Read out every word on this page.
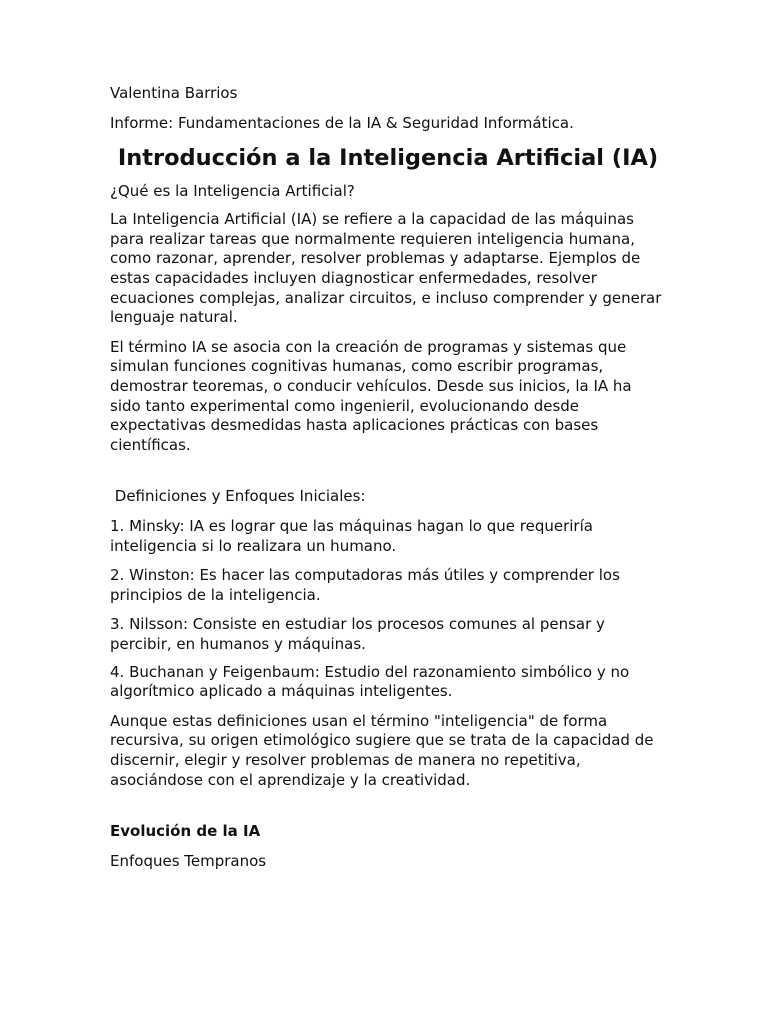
Valentina Barrios

Informe: Fundamentaciones de la IA & Seguridad Informática.

Introducción a la Inteligencia Artificial (IA)

¿Qué es la Inteligencia Artificial?

La Inteligencia Artificial (IA) se refiere a la capacidad de las máquinas para realizar tareas que normalmente requieren inteligencia humana, como razonar, aprender, resolver problemas y adaptarse. Ejemplos de estas capacidades incluyen diagnosticar enfermedades, resolver ecuaciones complejas, analizar circuitos, e incluso comprender y generar lenguaje natural.

El término IA se asocia con la creación de programas y sistemas que simulan funciones cognitivas humanas, como escribir programas, demostrar teoremas, o conducir vehículos. Desde sus inicios, la IA ha sido tanto experimental como ingenieril, evolucionando desde expectativas desmedidas hasta aplicaciones prácticas con bases científicas.

Definiciones y Enfoques Iniciales:

1. Minsky: IA es lograr que las máquinas hagan lo que requeriría inteligencia si lo realizara un humano.

2. Winston: Es hacer las computadoras más útiles y comprender los principios de la inteligencia.

3. Nilsson: Consiste en estudiar los procesos comunes al pensar y percibir, en humanos y máquinas.

4. Buchanan y Feigenbaum: Estudio del razonamiento simbólico y no algorítmico aplicado a máquinas inteligentes.

Aunque estas definiciones usan el término "inteligencia" de forma recursiva, su origen etimológico sugiere que se trata de la capacidad de discernir, elegir y resolver problemas de manera no repetitiva, asociándose con el aprendizaje y la creatividad.

Evolución de la IA

Enfoques Tempranos
